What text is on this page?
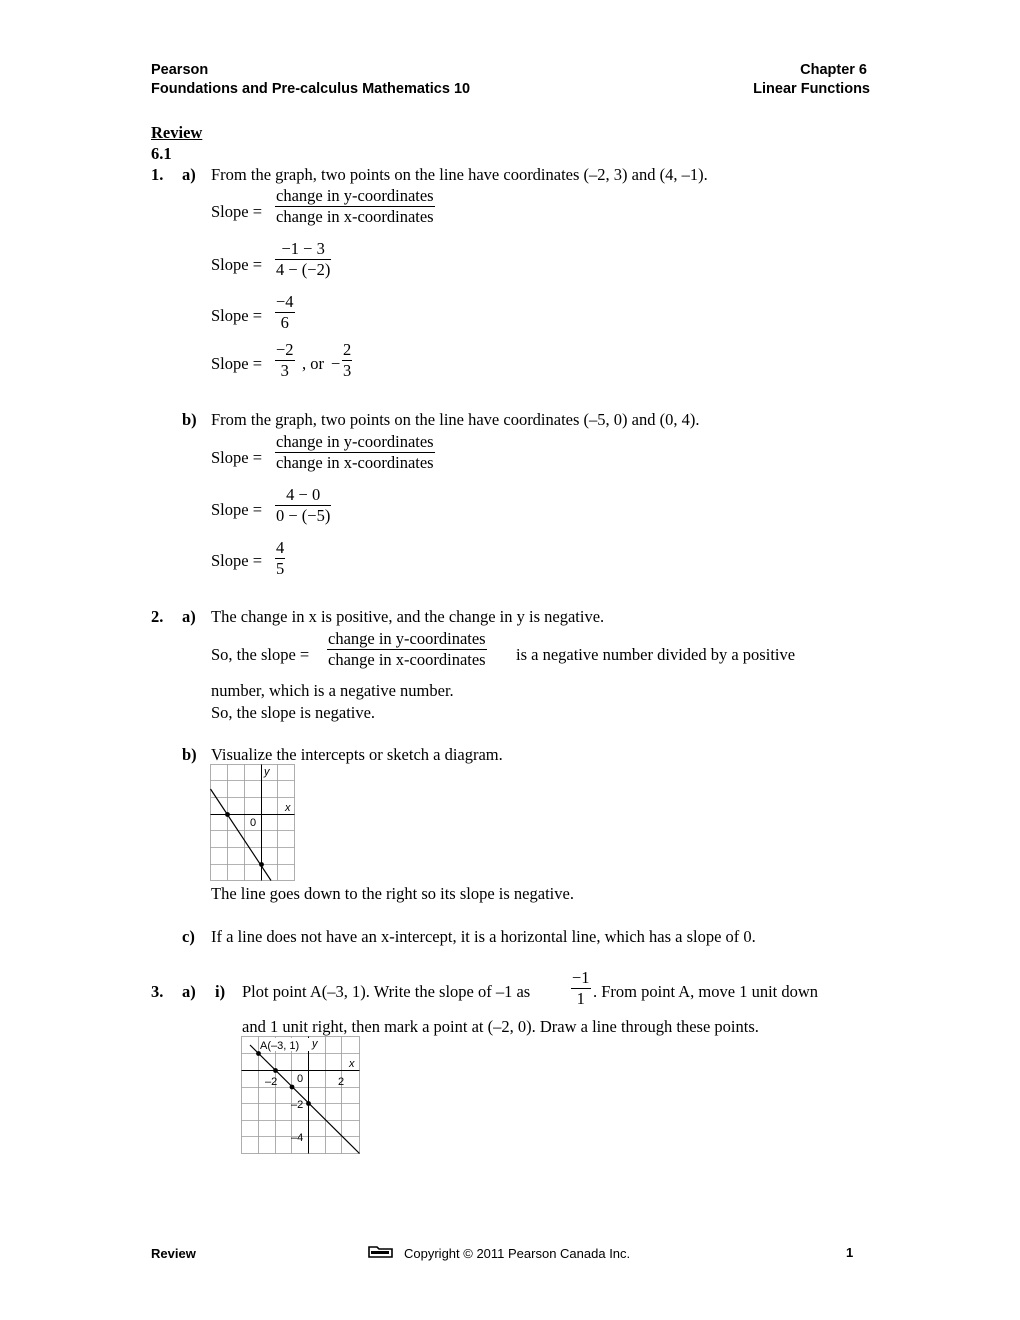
Pearson
Foundations and Pre-calculus Mathematics 10
Chapter 6
Linear Functions
Review
6.1
1. a) From the graph, two points on the line have coordinates (–2, 3) and (4, –1).
Slope =
change in y-coordinates
change in x-coordinates
Slope = $\frac{-1 - 3}{4 - (-2)}$
Slope = $\frac{-4}{6}$
Slope = $\frac{-2}{3}$ , or − $\frac{2}{3}$
b) From the graph, two points on the line have coordinates (–5, 0) and (0, 4).
Slope =
change in y-coordinates
change in x-coordinates
Slope = $\frac{4 - 0}{0 - (-5)}$
Slope = $\frac{4}{5}$
2. a) The change in x is positive, and the change in y is negative.
So, the slope =
change in y-coordinates
change in x-coordinates is a negative number divided by a positive
number, which is a negative number.
So, the slope is negative.
b) Visualize the intercepts or sketch a diagram.
y
x
0
The line goes down to the right so its slope is negative.
c) If a line does not have an x-intercept, it is a horizontal line, which has a slope of 0.
3. a) i) Plot point A(–3, 1). Write the slope of –1 as $\frac{-1}{1}$ . From point A, move 1 unit down
and 1 unit right, then mark a point at (–2, 0). Draw a line through these points.
A(–3, 1) y
x
0
–2	2
–2
–4
Review	Copyright © 2011 Pearson Canada Inc.	1
